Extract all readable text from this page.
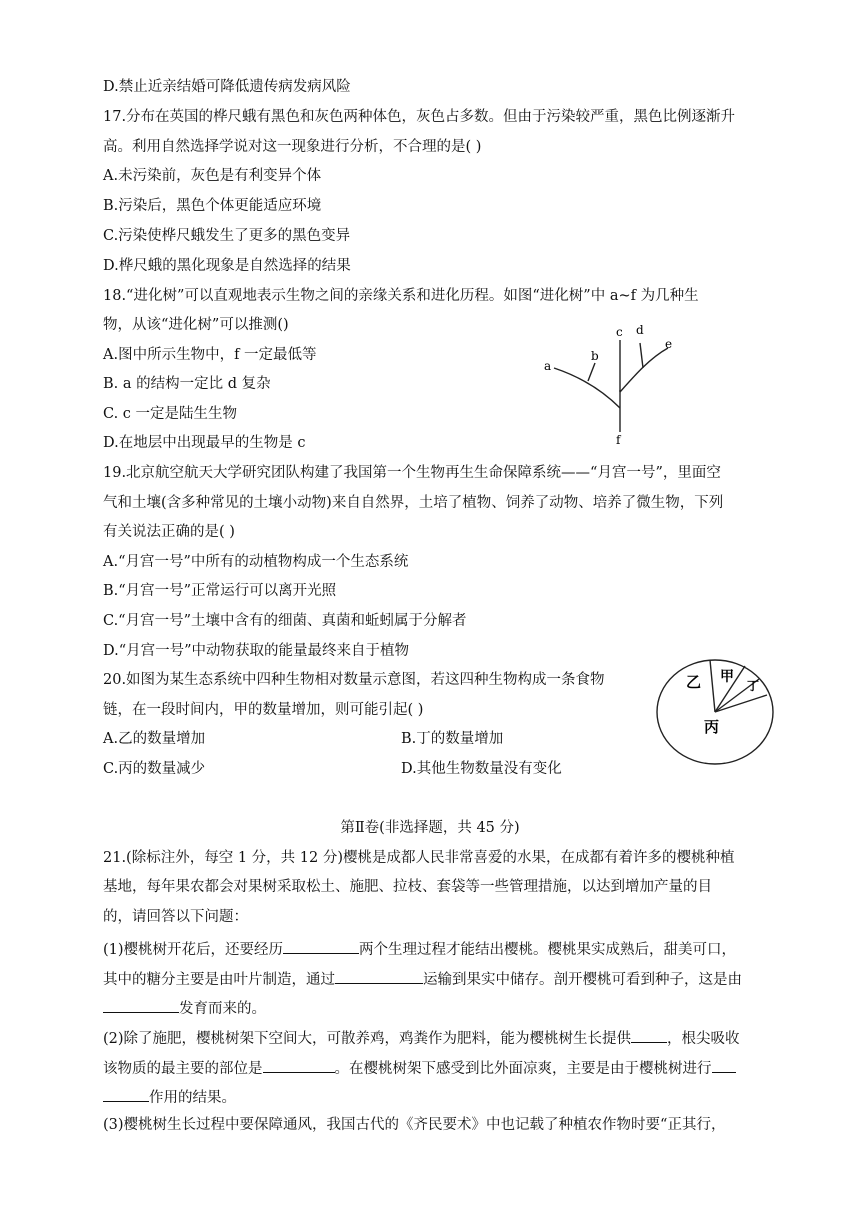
D.禁止近亲结婚可降低遗传病发病风险
17.分布在英国的桦尺蛾有黑色和灰色两种体色，灰色占多数。但由于污染较严重，黑色比例逐渐升
高。利用自然选择学说对这一现象进行分析，不合理的是( )
A.未污染前，灰色是有利变异个体
B.污染后，黑色个体更能适应环境
C.污染使桦尺蛾发生了更多的黑色变异
D.桦尺蛾的黑化现象是自然选择的结果
18.“进化树”可以直观地表示生物之间的亲缘关系和进化历程。如图“进化树”中 a~f 为几种生
物，从该“进化树”可以推测()
A.图中所示生物中，f 一定最低等
B. a 的结构一定比 d 复杂
C. c 一定是陆生生物
D.在地层中出现最早的生物是 c
a
b
c d
e
f
19.北京航空航天大学研究团队构建了我国第一个生物再生生命保障系统——“月宫一号”，里面空
气和土壤(含多种常见的土壤小动物)来自自然界，土培了植物、饲养了动物、培养了微生物，下列
有关说法正确的是( )
A.“月宫一号”中所有的动植物构成一个生态系统
B.“月宫一号”正常运行可以离开光照
C.“月宫一号”土壤中含有的细菌、真菌和蚯蚓属于分解者
D.“月宫一号”中动物获取的能量最终来自于植物
20.如图为某生态系统中四种生物相对数量示意图，若这四种生物构成一条食物
链，在一段时间内，甲的数量增加，则可能引起( )
A.乙的数量增加	B.丁的数量增加
C.丙的数量减少	D.其他生物数量没有变化
乙 甲
丁
丙
第Ⅱ卷(非选择题，共 45 分)
21.(除标注外，每空 1 分，共 12 分)樱桃是成都人民非常喜爱的水果，在成都有着许多的樱桃种植
基地，每年果农都会对果树采取松土、施肥、拉枝、套袋等一些管理措施，以达到增加产量的目
的，请回答以下问题：
(1)樱桃树开花后，还要经历	两个生理过程才能结出樱桃。樱桃果实成熟后，甜美可口，
其中的糖分主要是由叶片制造，通过	运输到果实中储存。剖开樱桃可看到种子，这是由
发育而来的。
(2)除了施肥，樱桃树架下空间大，可散养鸡，鸡粪作为肥料，能为樱桃树生长提供 ，根尖吸收
该物质的最主要的部位是	。在樱桃树架下感受到比外面凉爽，主要是由于樱桃树进行
作用的结果。
(3)樱桃树生长过程中要保障通风，我国古代的《齐民要术》中也记载了种植农作物时要“正其行，
